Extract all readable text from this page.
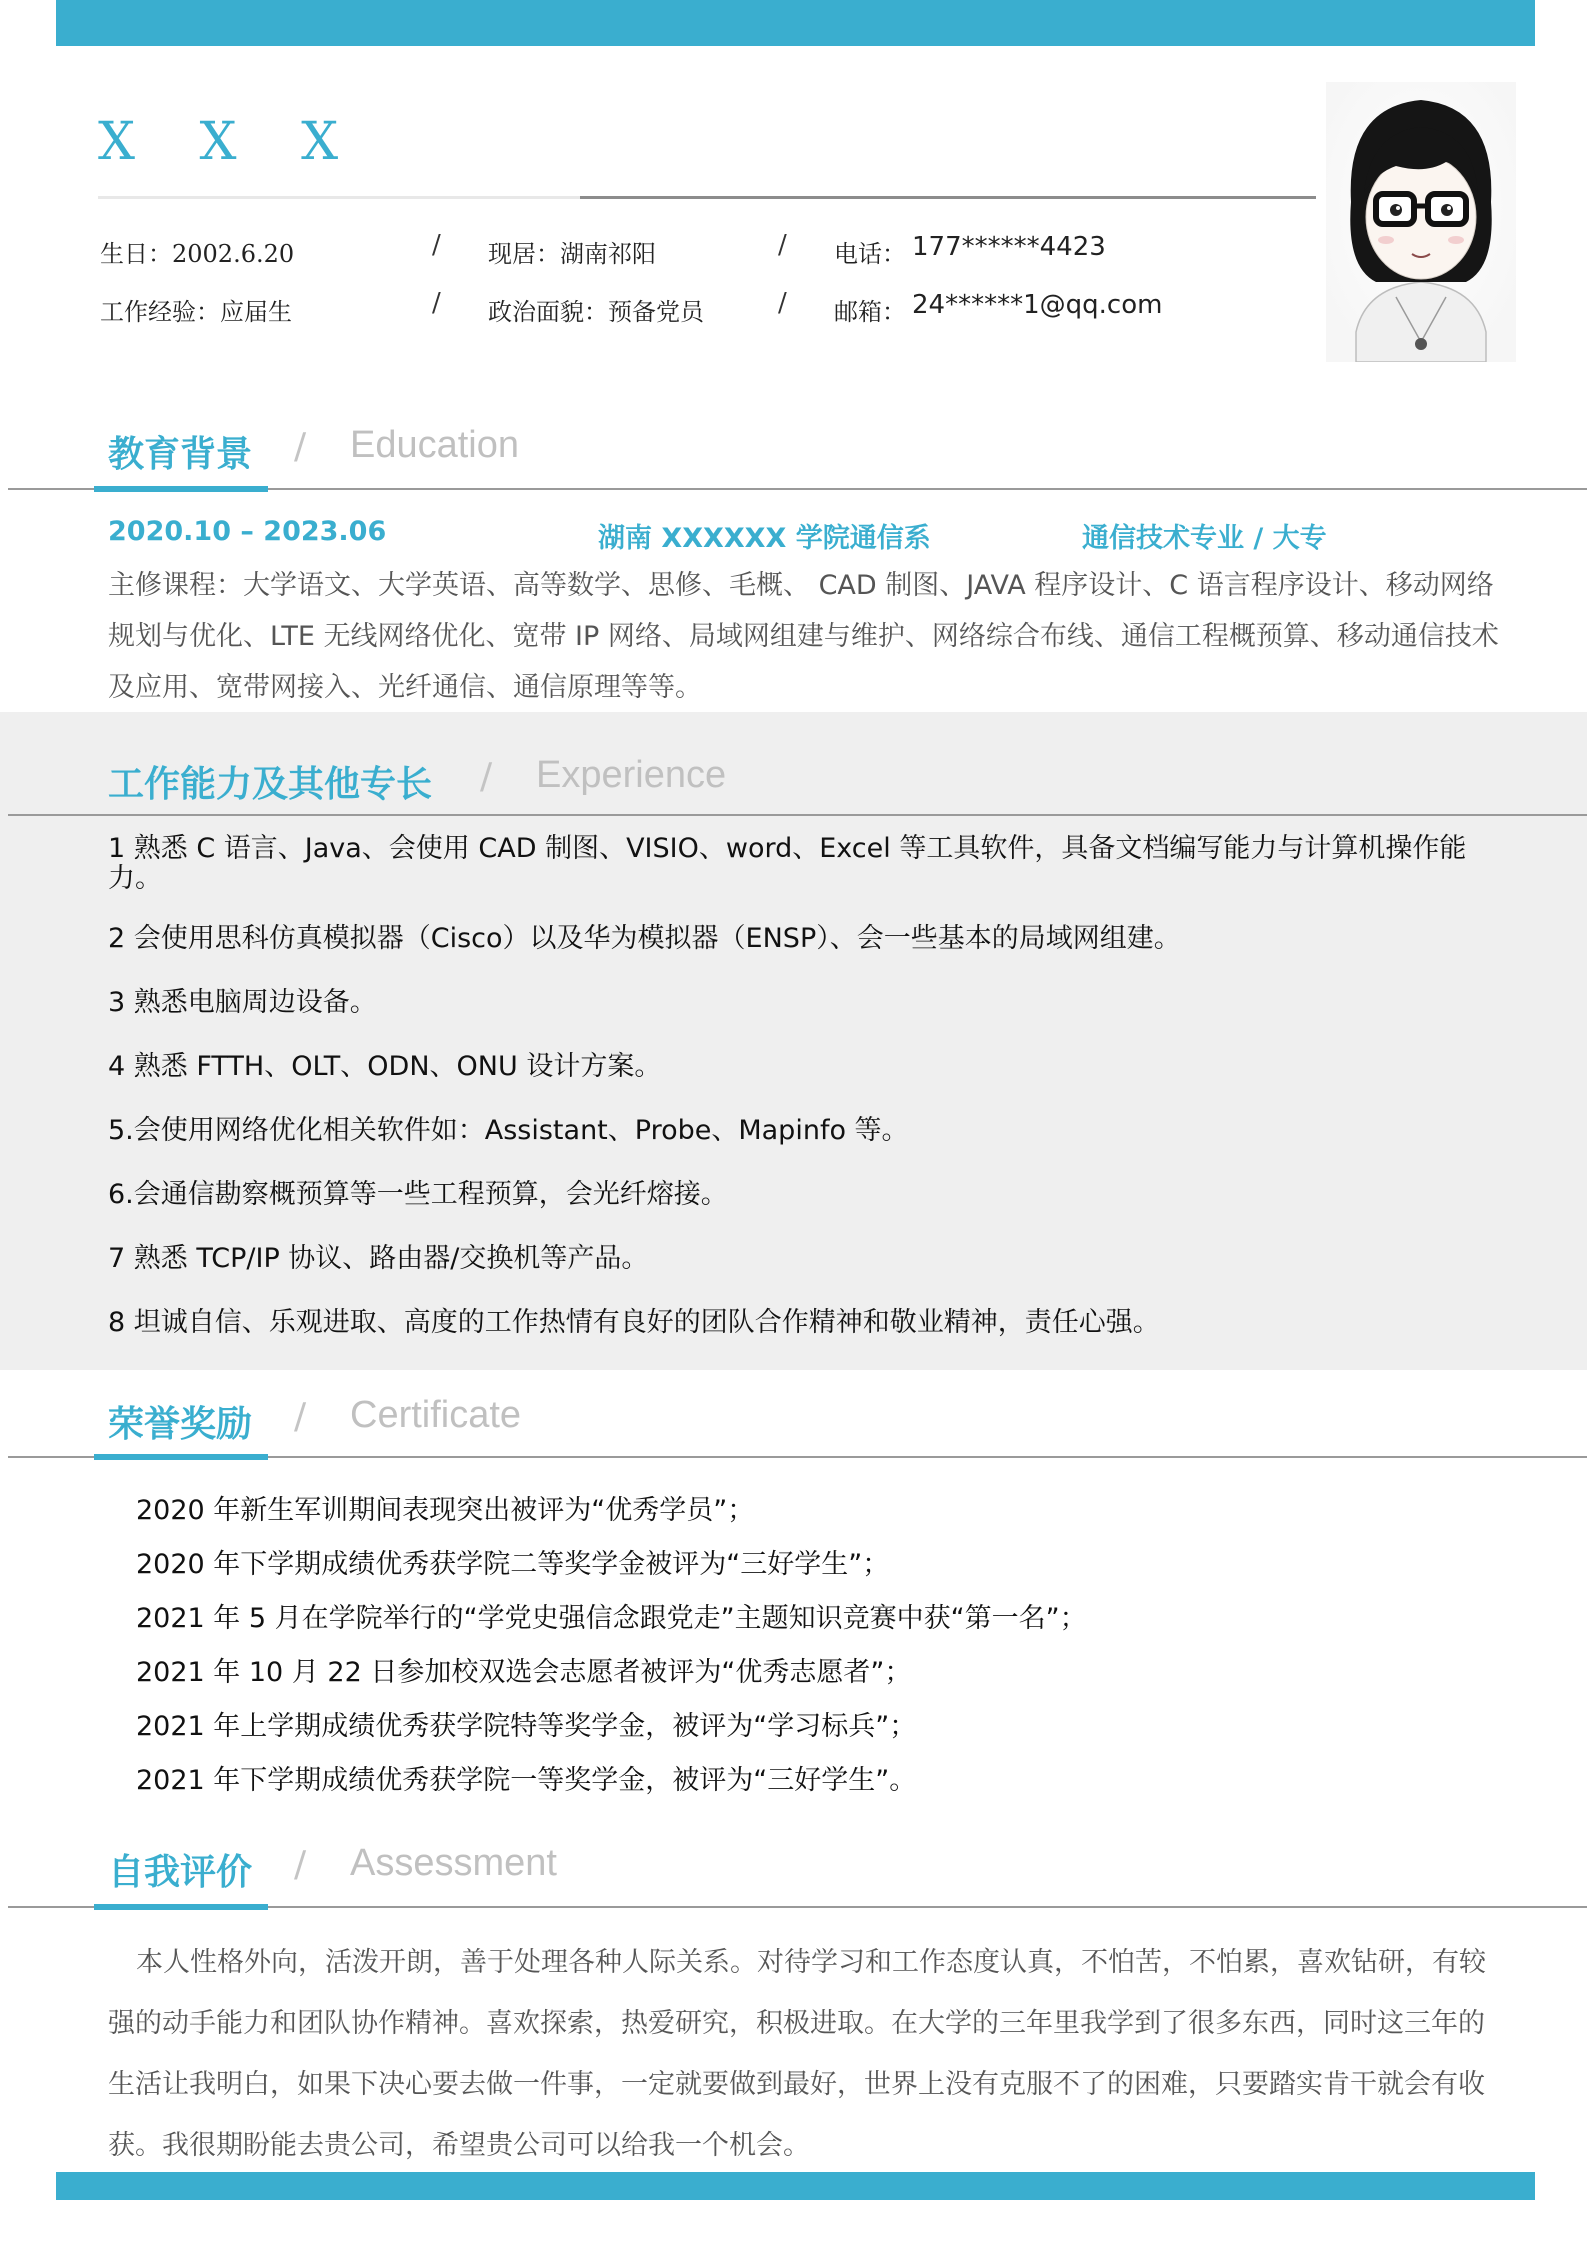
X X X
生日：2002.6.20	/ 现居：湖南祁阳	/ 电话： 177******4423
工作经验：应届生	/ 政治面貌：预备党员	/ 邮箱： 24******1@qq.com
教育背景 / Education
2020.10 – 2023.06	湖南 XXXXXX 学院通信系	通信技术专业 / 大专
主修课程：大学语文、大学英语、高等数学、思修、毛概、 CAD 制图、JAVA 程序设计、C 语言程序设计、移动网络规划与优化、LTE 无线网络优化、宽带 IP 网络、局域网组建与维护、网络综合布线、通信工程概预算、移动通信技术及应用、宽带网接入、光纤通信、通信原理等等。
工作能力及其他专长 / Experience
1 熟悉 C 语言、Java、会使用 CAD 制图、VISIO、word、Excel 等工具软件，具备文档编写能力与计算机操作能力。
2 会使用思科仿真模拟器（Cisco）以及华为模拟器（ENSP）、会一些基本的局域网组建。
3 熟悉电脑周边设备。
4 熟悉 FTTH、OLT、ODN、ONU 设计方案。
5.会使用网络优化相关软件如：Assistant、Probe、Mapinfo 等。
6.会通信勘察概预算等一些工程预算，会光纤熔接。
7 熟悉 TCP/IP 协议、路由器/交换机等产品。
8 坦诚自信、乐观进取、高度的工作热情有良好的团队合作精神和敬业精神，责任心强。
荣誉奖励 / Certificate
2020 年新生军训期间表现突出被评为“优秀学员”；
2020 年下学期成绩优秀获学院二等奖学金被评为“三好学生”；
2021 年 5 月在学院举行的“学党史强信念跟党走”主题知识竞赛中获“第一名”；
2021 年 10 月 22 日参加校双选会志愿者被评为“优秀志愿者”；
2021 年上学期成绩优秀获学院特等奖学金，被评为“学习标兵”；
2021 年下学期成绩优秀获学院一等奖学金，被评为“三好学生”。
自我评价 / Assessment
本人性格外向，活泼开朗，善于处理各种人际关系。对待学习和工作态度认真，不怕苦，不怕累，喜欢钻研，有较强的动手能力和团队协作精神。喜欢探索，热爱研究，积极进取。在大学的三年里我学到了很多东西，同时这三年的生活让我明白，如果下决心要去做一件事，一定就要做到最好，世界上没有克服不了的困难，只要踏实肯干就会有收获。我很期盼能去贵公司，希望贵公司可以给我一个机会。
